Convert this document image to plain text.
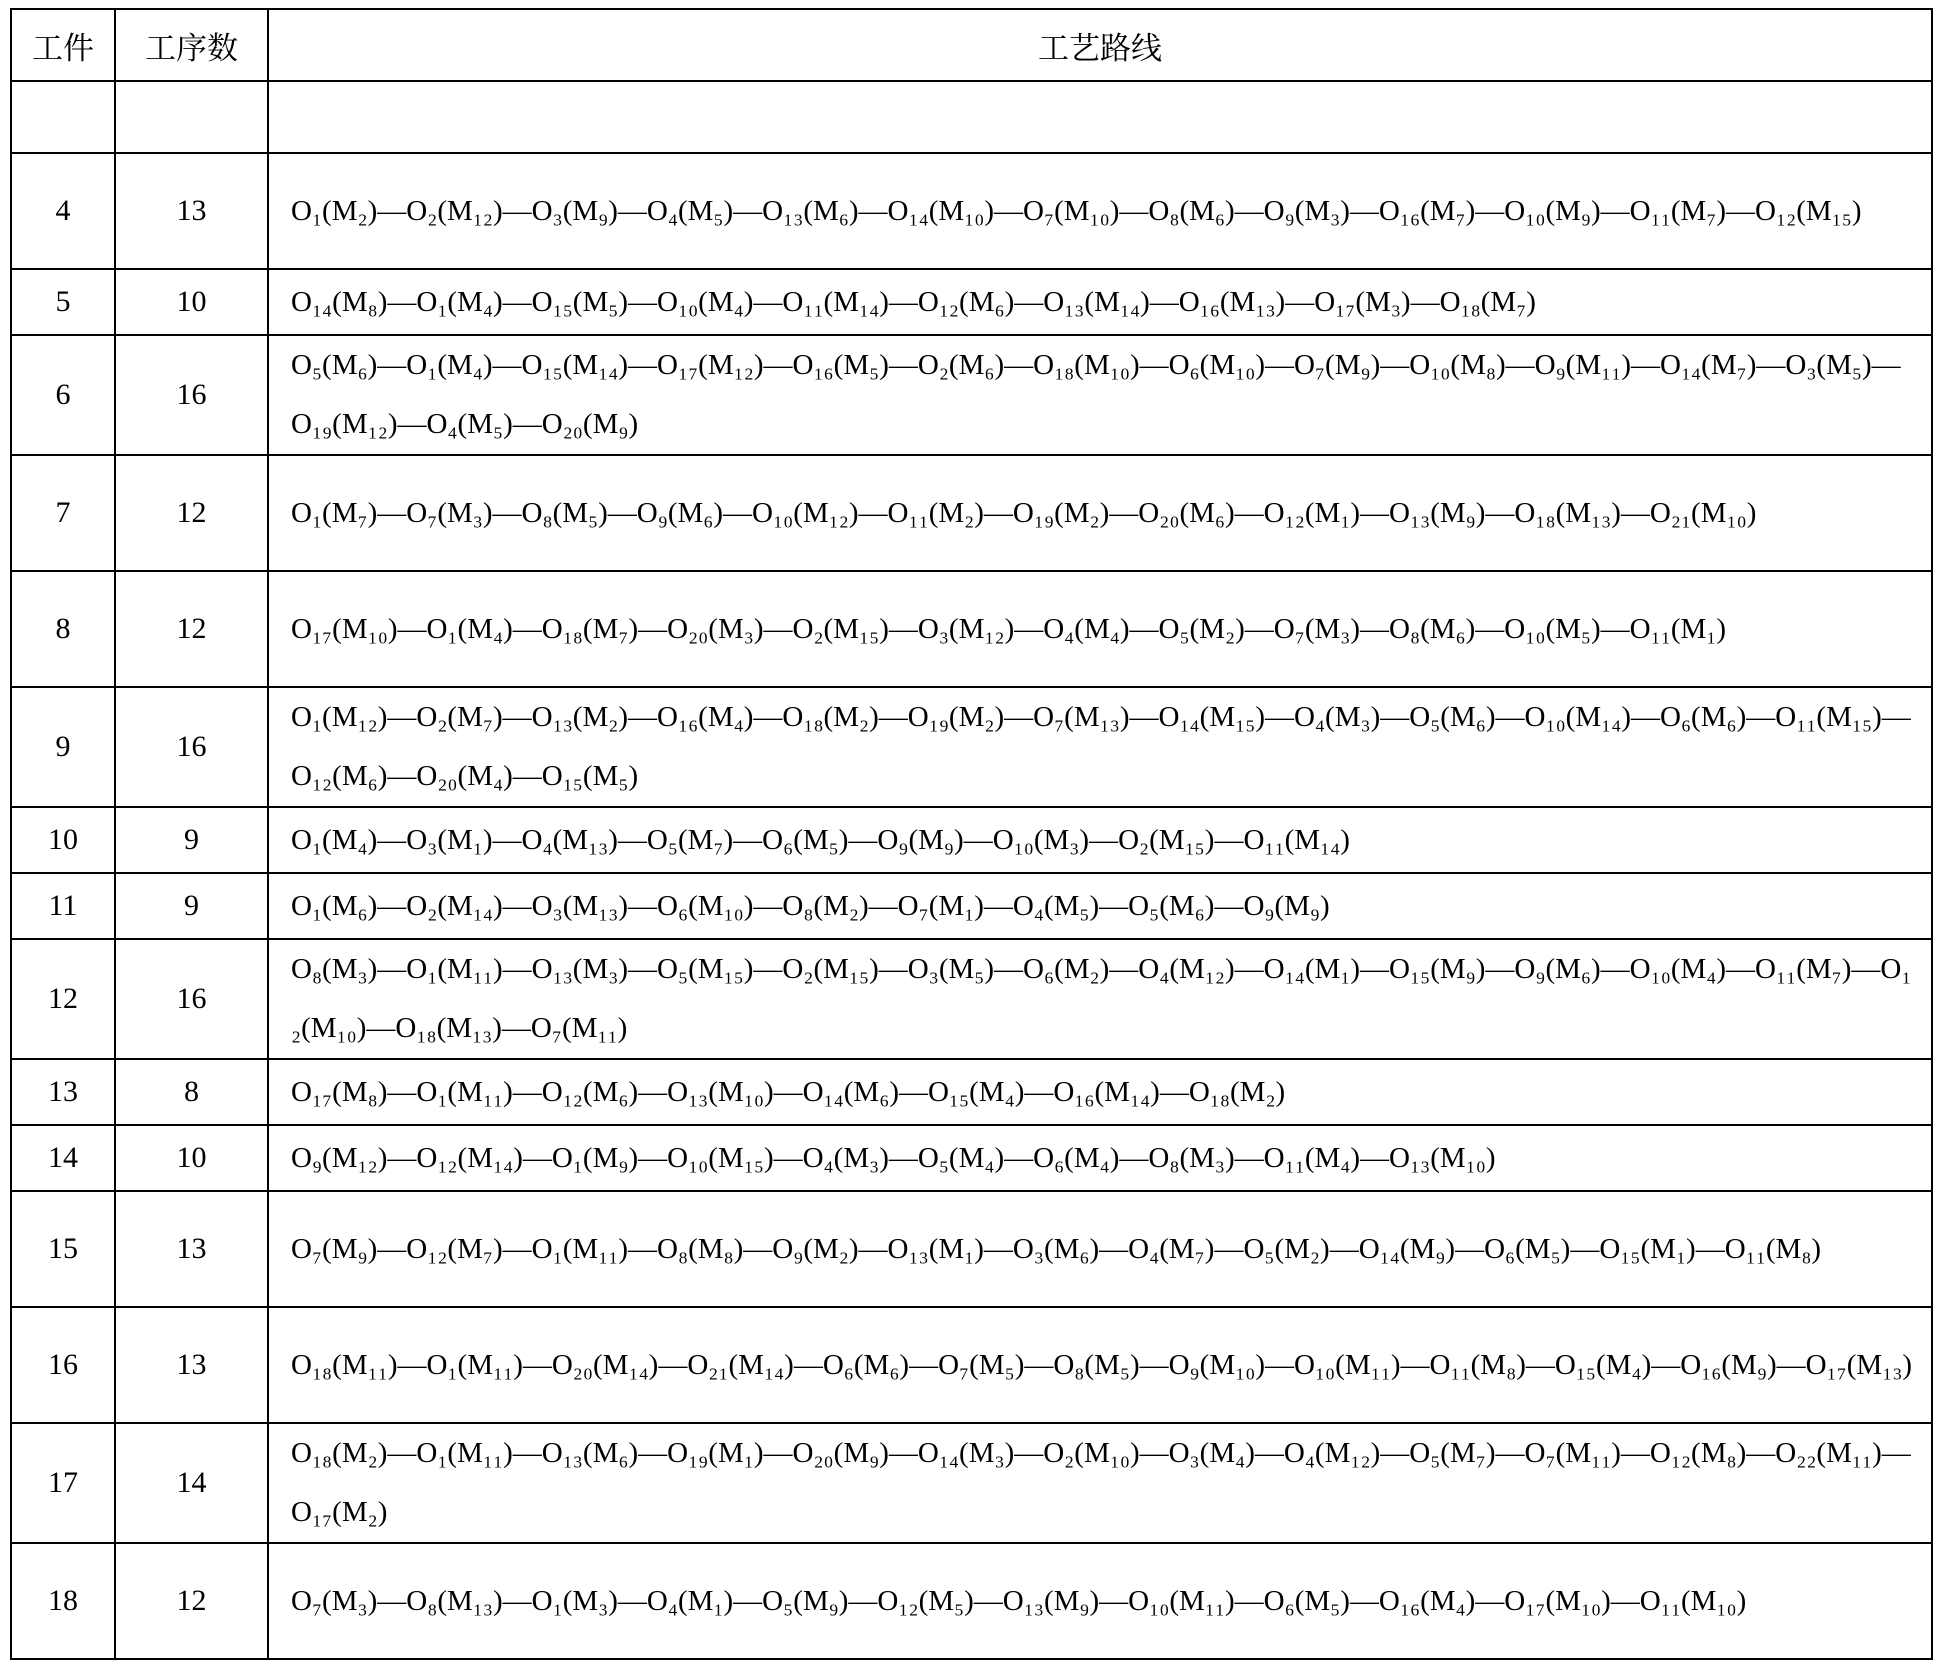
工件	工序数	工艺路线

4	13	O₁(M₂)—O₂(M₁₂)—O₃(M₉)—O₄(M₅)—O₁₃(M₆)—O₁₄(M₁₀)—O₇(M₁₀)—O₈(M₆)—O₉(M₃)—O₁₆(M₇)—O₁₀(M₉)—O₁₁(M₇)—O₁₂(M₁₅)
5	10	O₁₄(M₈)—O₁(M₄)—O₁₅(M₅)—O₁₀(M₄)—O₁₁(M₁₄)—O₁₂(M₆)—O₁₃(M₁₄)—O₁₆(M₁₃)—O₁₇(M₃)—O₁₈(M₇)
6	16	O₅(M₆)—O₁(M₄)—O₁₅(M₁₄)—O₁₇(M₁₂)—O₁₆(M₅)—O₂(M₆)—O₁₈(M₁₀)—O₆(M₁₀)—O₇(M₉)—O₁₀(M₈)—O₉(M₁₁)—O₁₄(M₇)—O₃(M₅)—O₁₉(M₁₂)—O₄(M₅)—O₂₀(M₉)
7	12	O₁(M₇)—O₇(M₃)—O₈(M₅)—O₉(M₆)—O₁₀(M₁₂)—O₁₁(M₂)—O₁₉(M₂)—O₂₀(M₆)—O₁₂(M₁)—O₁₃(M₉)—O₁₈(M₁₃)—O₂₁(M₁₀)
8	12	O₁₇(M₁₀)—O₁(M₄)—O₁₈(M₇)—O₂₀(M₃)—O₂(M₁₅)—O₃(M₁₂)—O₄(M₄)—O₅(M₂)—O₇(M₃)—O₈(M₆)—O₁₀(M₅)—O₁₁(M₁)
9	16	O₁(M₁₂)—O₂(M₇)—O₁₃(M₂)—O₁₆(M₄)—O₁₈(M₂)—O₁₉(M₂)—O₇(M₁₃)—O₁₄(M₁₅)—O₄(M₃)—O₅(M₆)—O₁₀(M₁₄)—O₆(M₆)—O₁₁(M₁₅)—O₁₂(M₆)—O₂₀(M₄)—O₁₅(M₅)
10	9	O₁(M₄)—O₃(M₁)—O₄(M₁₃)—O₅(M₇)—O₆(M₅)—O₉(M₉)—O₁₀(M₃)—O₂(M₁₅)—O₁₁(M₁₄)
11	9	O₁(M₆)—O₂(M₁₄)—O₃(M₁₃)—O₆(M₁₀)—O₈(M₂)—O₇(M₁)—O₄(M₅)—O₅(M₆)—O₉(M₉)
12	16	O₈(M₃)—O₁(M₁₁)—O₁₃(M₃)—O₅(M₁₅)—O₂(M₁₅)—O₃(M₅)—O₆(M₂)—O₄(M₁₂)—O₁₄(M₁)—O₁₅(M₉)—O₉(M₆)—O₁₀(M₄)—O₁₁(M₇)—O₁₂(M₁₀)—O₁₈(M₁₃)—O₇(M₁₁)
13	8	O₁₇(M₈)—O₁(M₁₁)—O₁₂(M₆)—O₁₃(M₁₀)—O₁₄(M₆)—O₁₅(M₄)—O₁₆(M₁₄)—O₁₈(M₂)
14	10	O₉(M₁₂)—O₁₂(M₁₄)—O₁(M₉)—O₁₀(M₁₅)—O₄(M₃)—O₅(M₄)—O₆(M₄)—O₈(M₃)—O₁₁(M₄)—O₁₃(M₁₀)
15	13	O₇(M₉)—O₁₂(M₇)—O₁(M₁₁)—O₈(M₈)—O₉(M₂)—O₁₃(M₁)—O₃(M₆)—O₄(M₇)—O₅(M₂)—O₁₄(M₉)—O₆(M₅)—O₁₅(M₁)—O₁₁(M₈)
16	13	O₁₈(M₁₁)—O₁(M₁₁)—O₂₀(M₁₄)—O₂₁(M₁₄)—O₆(M₆)—O₇(M₅)—O₈(M₅)—O₉(M₁₀)—O₁₀(M₁₁)—O₁₁(M₈)—O₁₅(M₄)—O₁₆(M₉)—O₁₇(M₁₃)
17	14	O₁₈(M₂)—O₁(M₁₁)—O₁₃(M₆)—O₁₉(M₁)—O₂₀(M₉)—O₁₄(M₃)—O₂(M₁₀)—O₃(M₄)—O₄(M₁₂)—O₅(M₇)—O₇(M₁₁)—O₁₂(M₈)—O₂₂(M₁₁)—O₁₇(M₂)
18	12	O₇(M₃)—O₈(M₁₃)—O₁(M₃)—O₄(M₁)—O₅(M₉)—O₁₂(M₅)—O₁₃(M₉)—O₁₀(M₁₁)—O₆(M₅)—O₁₆(M₄)—O₁₇(M₁₀)—O₁₁(M₁₀)
